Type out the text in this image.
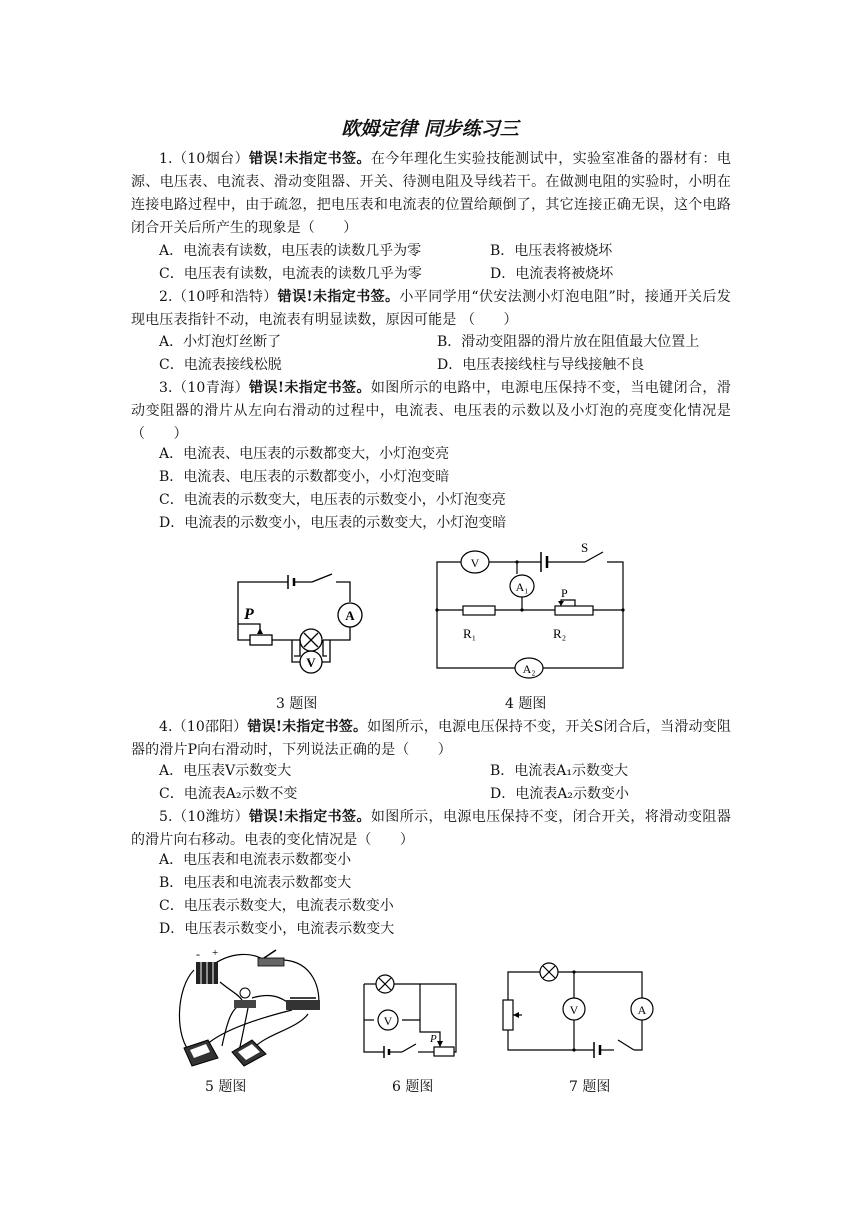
欧姆定律 同步练习三
1.（10烟台）错误!未指定书签。在今年理化生实验技能测试中，实验室准备的器材有：电源、电压表、电流表、滑动变阻器、开关、待测电阻及导线若干。在做测电阻的实验时，小明在连接电路过程中，由于疏忽，把电压表和电流表的位置给颠倒了，其它连接正确无误，这个电路闭合开关后所产生的现象是（　　）
A．电流表有读数，电压表的读数几乎为零	B．电压表将被烧坏
C．电压表有读数，电流表的读数几乎为零	D．电流表将被烧坏
2.（10呼和浩特）错误!未指定书签。小平同学用“伏安法测小灯泡电阻”时，接通开关后发现电压表指针不动，电流表有明显读数，原因可能是 （　　）
A．小灯泡灯丝断了	B．滑动变阻器的滑片放在阻值最大位置上
C．电流表接线松脱	D．电压表接线柱与导线接触不良
3.（10青海）错误!未指定书签。如图所示的电路中，电源电压保持不变，当电键闭合，滑动变阻器的滑片从左向右滑动的过程中，电流表、电压表的示数以及小灯泡的亮度变化情况是（　　）
A．电流表、电压表的示数都变大，小灯泡变亮
B．电流表、电压表的示数都变小，小灯泡变暗
C．电流表的示数变大，电压表的示数变小，小灯泡变亮
D．电流表的示数变小，电压表的示数变大，小灯泡变暗
P	A
V
3 题图
V
S
A₁	P
R₁	R₂
A₂
4 题图
4.（10邵阳）错误!未指定书签。如图所示，电源电压保持不变，开关S闭合后，当滑动变阻器的滑片P向右滑动时，下列说法正确的是（　　）
A．电压表V示数变大	B．电流表A₁示数变大
C．电流表A₂示数不变	D．电流表A₂示数变小
5.（10潍坊）错误!未指定书签。如图所示，电源电压保持不变，闭合开关，将滑动变阻器的滑片向右移动。电表的变化情况是（　　）
A．电压表和电流表示数都变小
B．电压表和电流表示数都变大
C．电压表示数变大，电流表示数变小
D．电压表示数变小，电流表示数变大
- +
5 题图
V
P
6 题图
V	A
7 题图
